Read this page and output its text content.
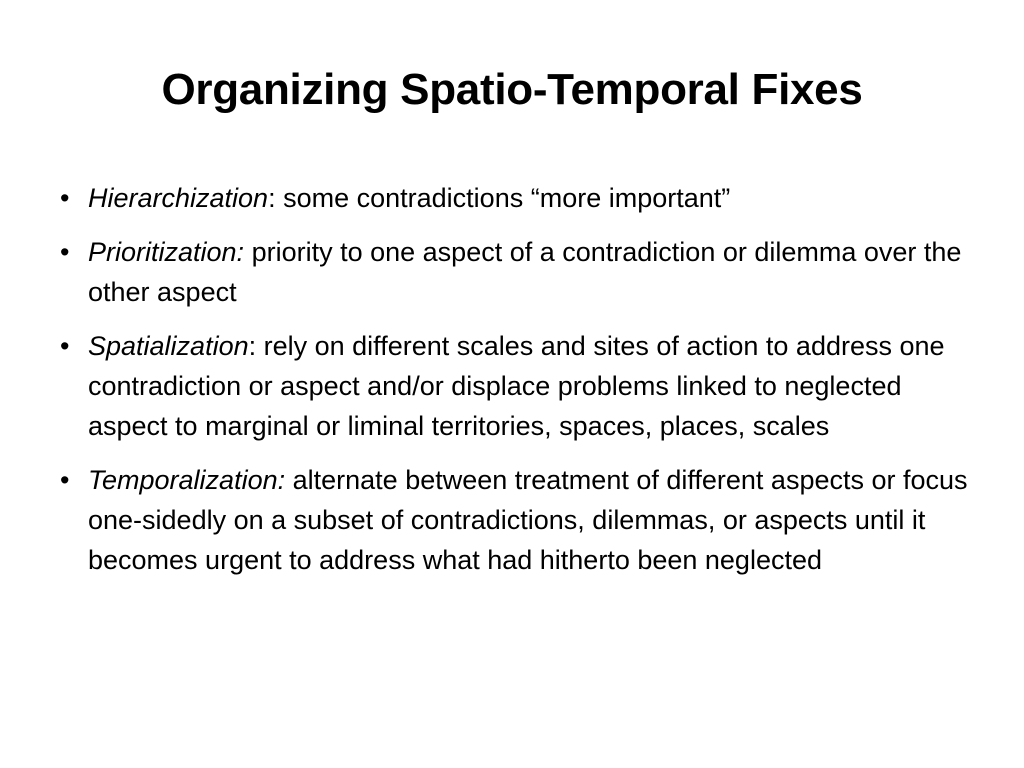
Organizing Spatio-Temporal Fixes
• Hierarchization: some contradictions “more important”
• Prioritization: priority to one aspect of a contradiction or dilemma over the other aspect
• Spatialization: rely on different scales and sites of action to address one contradiction or aspect and/or displace problems linked to neglected aspect to marginal or liminal territories, spaces, places, scales
• Temporalization: alternate between treatment of different aspects or focus one-sidedly on a subset of contradictions, dilemmas, or aspects until it becomes urgent to address what had hitherto been neglected
